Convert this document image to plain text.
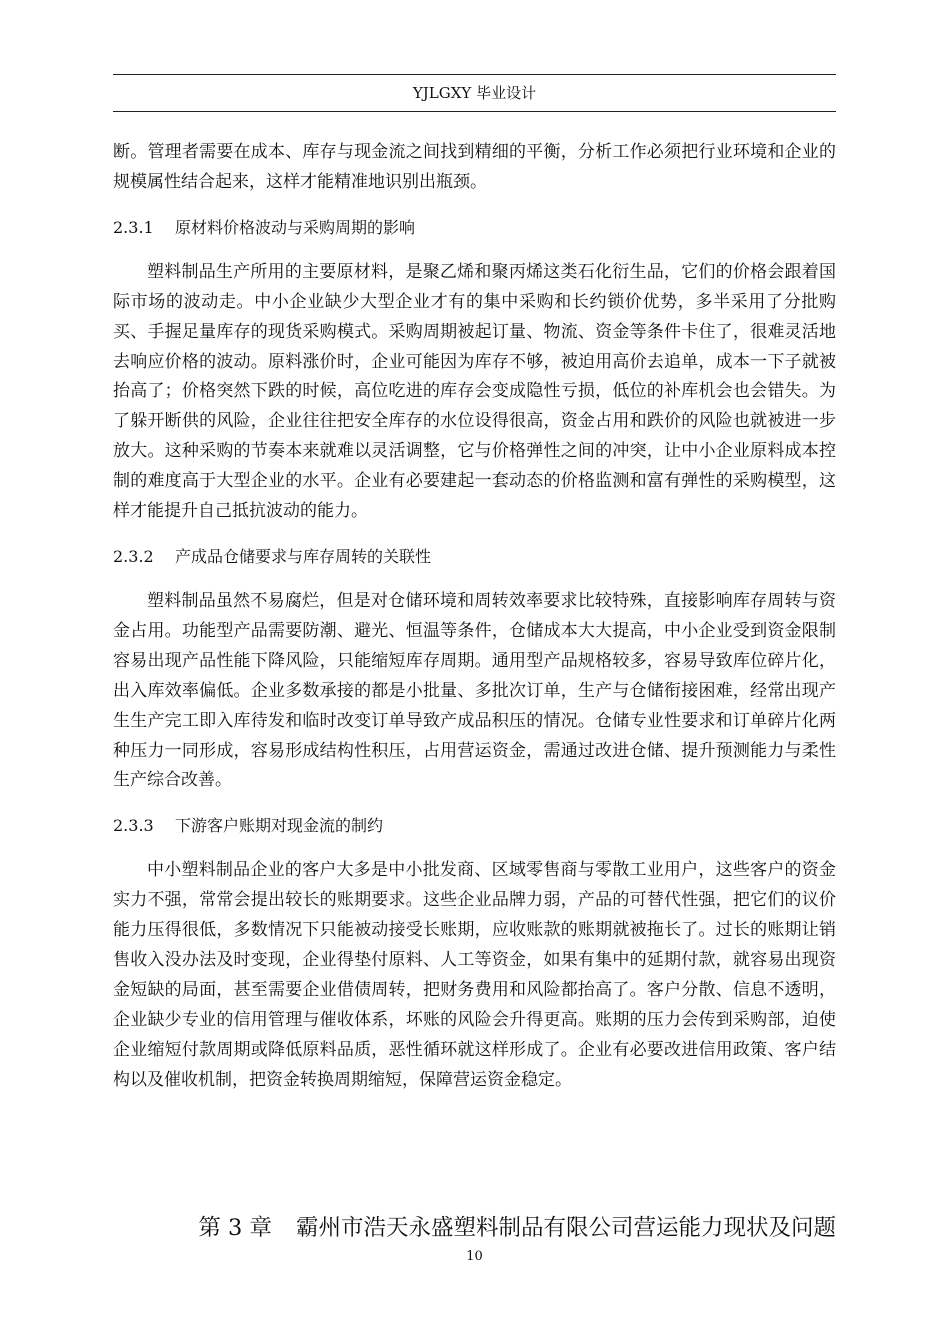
YJLGXY 毕业设计

断。管理者需要在成本、库存与现金流之间找到精细的平衡，分析工作必须把行业环境和企业的规模属性结合起来，这样才能精准地识别出瓶颈。

2.3.1 原材料价格波动与采购周期的影响

塑料制品生产所用的主要原材料，是聚乙烯和聚丙烯这类石化衍生品，它们的价格会跟着国际市场的波动走。中小企业缺少大型企业才有的集中采购和长约锁价优势，多半采用了分批购买、手握足量库存的现货采购模式。采购周期被起订量、物流、资金等条件卡住了，很难灵活地去响应价格的波动。原料涨价时，企业可能因为库存不够，被迫用高价去追单，成本一下子就被抬高了；价格突然下跌的时候，高位吃进的库存会变成隐性亏损，低位的补库机会也会错失。为了躲开断供的风险，企业往往把安全库存的水位设得很高，资金占用和跌价的风险也就被进一步放大。这种采购的节奏本来就难以灵活调整，它与价格弹性之间的冲突，让中小企业原料成本控制的难度高于大型企业的水平。企业有必要建起一套动态的价格监测和富有弹性的采购模型，这样才能提升自己抵抗波动的能力。

2.3.2 产成品仓储要求与库存周转的关联性

塑料制品虽然不易腐烂，但是对仓储环境和周转效率要求比较特殊，直接影响库存周转与资金占用。功能型产品需要防潮、避光、恒温等条件，仓储成本大大提高，中小企业受到资金限制容易出现产品性能下降风险，只能缩短库存周期。通用型产品规格较多，容易导致库位碎片化，出入库效率偏低。企业多数承接的都是小批量、多批次订单，生产与仓储衔接困难，经常出现产生生产完工即入库待发和临时改变订单导致产成品积压的情况。仓储专业性要求和订单碎片化两种压力一同形成，容易形成结构性积压，占用营运资金，需通过改进仓储、提升预测能力与柔性生产综合改善。

2.3.3 下游客户账期对现金流的制约

中小塑料制品企业的客户大多是中小批发商、区域零售商与零散工业用户，这些客户的资金实力不强，常常会提出较长的账期要求。这些企业品牌力弱，产品的可替代性强，把它们的议价能力压得很低，多数情况下只能被动接受长账期，应收账款的账期就被拖长了。过长的账期让销售收入没办法及时变现，企业得垫付原料、人工等资金，如果有集中的延期付款，就容易出现资金短缺的局面，甚至需要企业借债周转，把财务费用和风险都抬高了。客户分散、信息不透明，企业缺少专业的信用管理与催收体系，坏账的风险会升得更高。账期的压力会传到采购部，迫使企业缩短付款周期或降低原料品质，恶性循环就这样形成了。企业有必要改进信用政策、客户结构以及催收机制，把资金转换周期缩短，保障营运资金稳定。

第 3 章 霸州市浩天永盛塑料制品有限公司营运能力现状及问题
10
